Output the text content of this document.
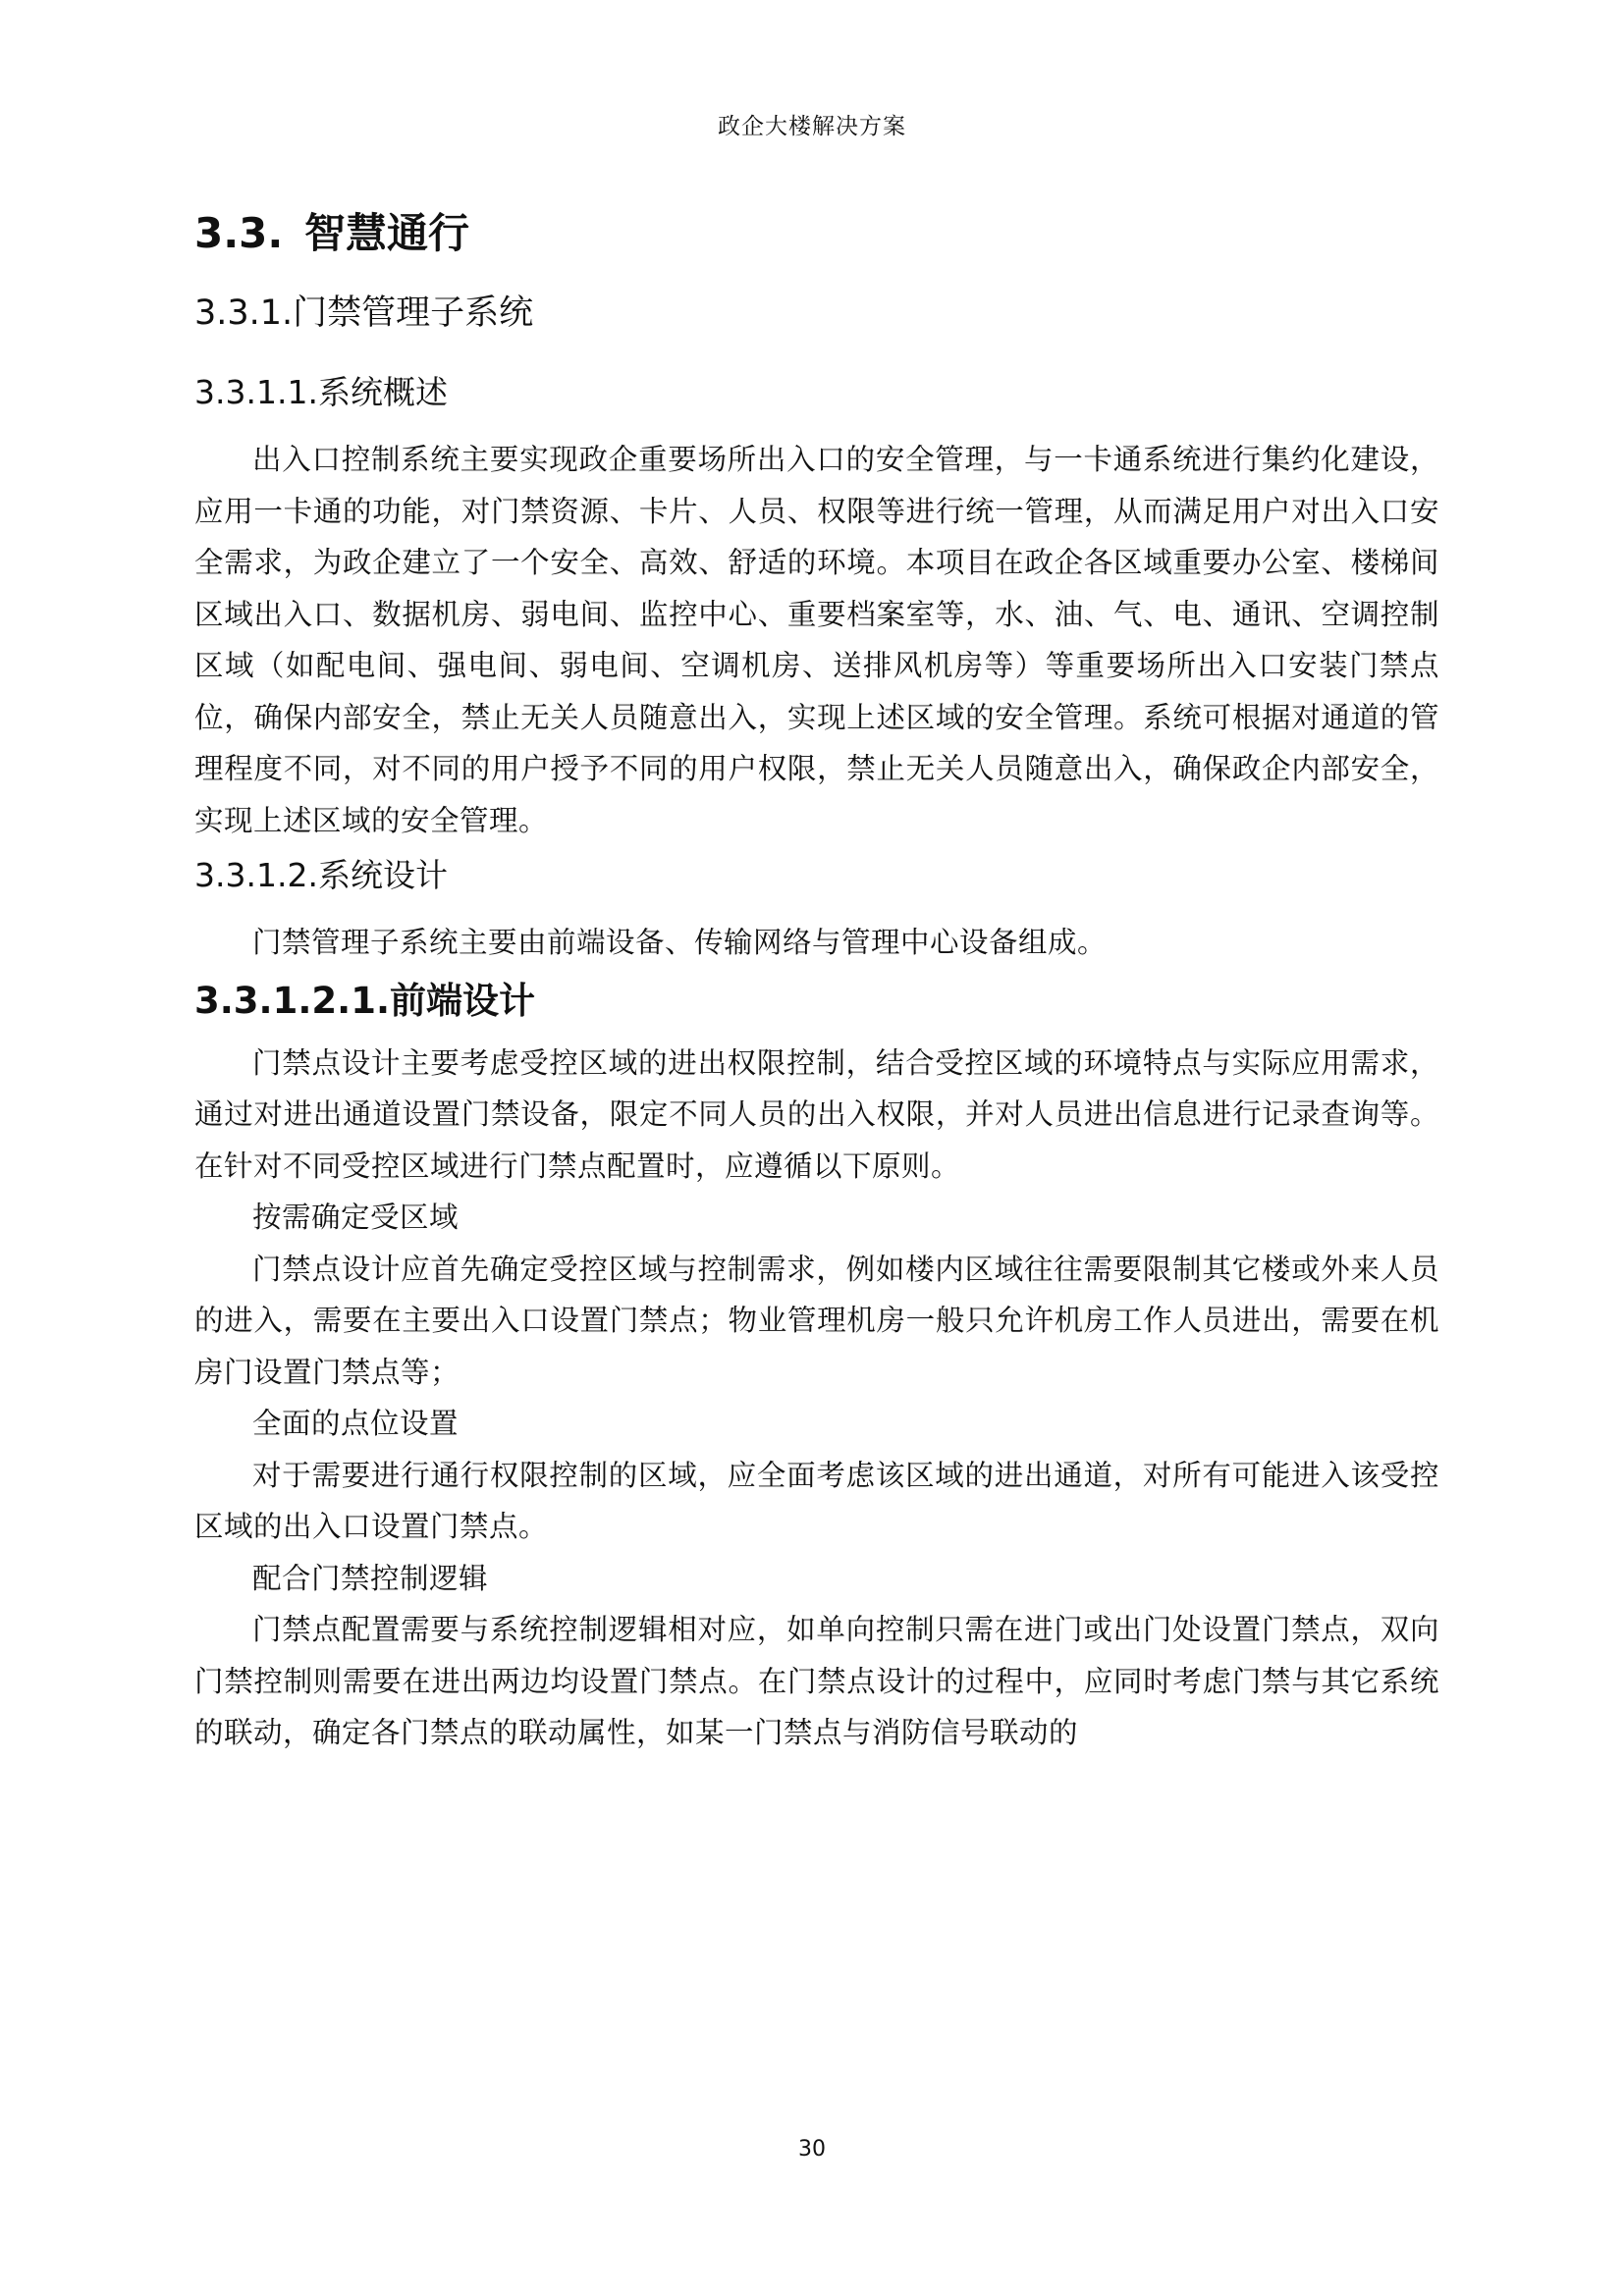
政企大楼解决方案
3.3. 智慧通行
3.3.1.门禁管理子系统
3.3.1.1.系统概述

出入口控制系统主要实现政企重要场所出入口的安全管理，与一卡通系统进行集约化建设，应用一卡通的功能，对门禁资源、卡片、人员、权限等进行统一管理，从而满足用户对出入口安全需求，为政企建立了一个安全、高效、舒适的环境。本项目在政企各区域重要办公室、楼梯间区域出入口、数据机房、弱电间、监控中心、重要档案室等，水、油、气、电、通讯、空调控制区域（如配电间、强电间、弱电间、空调机房、送排风机房等）等重要场所出入口安装门禁点位，确保内部安全，禁止无关人员随意出入，实现上述区域的安全管理。系统可根据对通道的管理程度不同，对不同的用户授予不同的用户权限，禁止无关人员随意出入，确保政企内部安全，实现上述区域的安全管理。

3.3.1.2.系统设计

门禁管理子系统主要由前端设备、传输网络与管理中心设备组成。

3.3.1.2.1.前端设计

门禁点设计主要考虑受控区域的进出权限控制，结合受控区域的环境特点与实际应用需求，通过对进出通道设置门禁设备，限定不同人员的出入权限，并对人员进出信息进行记录查询等。在针对不同受控区域进行门禁点配置时，应遵循以下原则。

按需确定受区域

门禁点设计应首先确定受控区域与控制需求，例如楼内区域往往需要限制其它楼或外来人员的进入，需要在主要出入口设置门禁点；物业管理机房一般只允许机房工作人员进出，需要在机房门设置门禁点等；

全面的点位设置

对于需要进行通行权限控制的区域，应全面考虑该区域的进出通道，对所有可能进入该受控区域的出入口设置门禁点。

配合门禁控制逻辑

门禁点配置需要与系统控制逻辑相对应，如单向控制只需在进门或出门处设置门禁点，双向门禁控制则需要在进出两边均设置门禁点。在门禁点设计的过程中，应同时考虑门禁与其它系统的联动，确定各门禁点的联动属性，如某一门禁点与消防信号联动的

30
